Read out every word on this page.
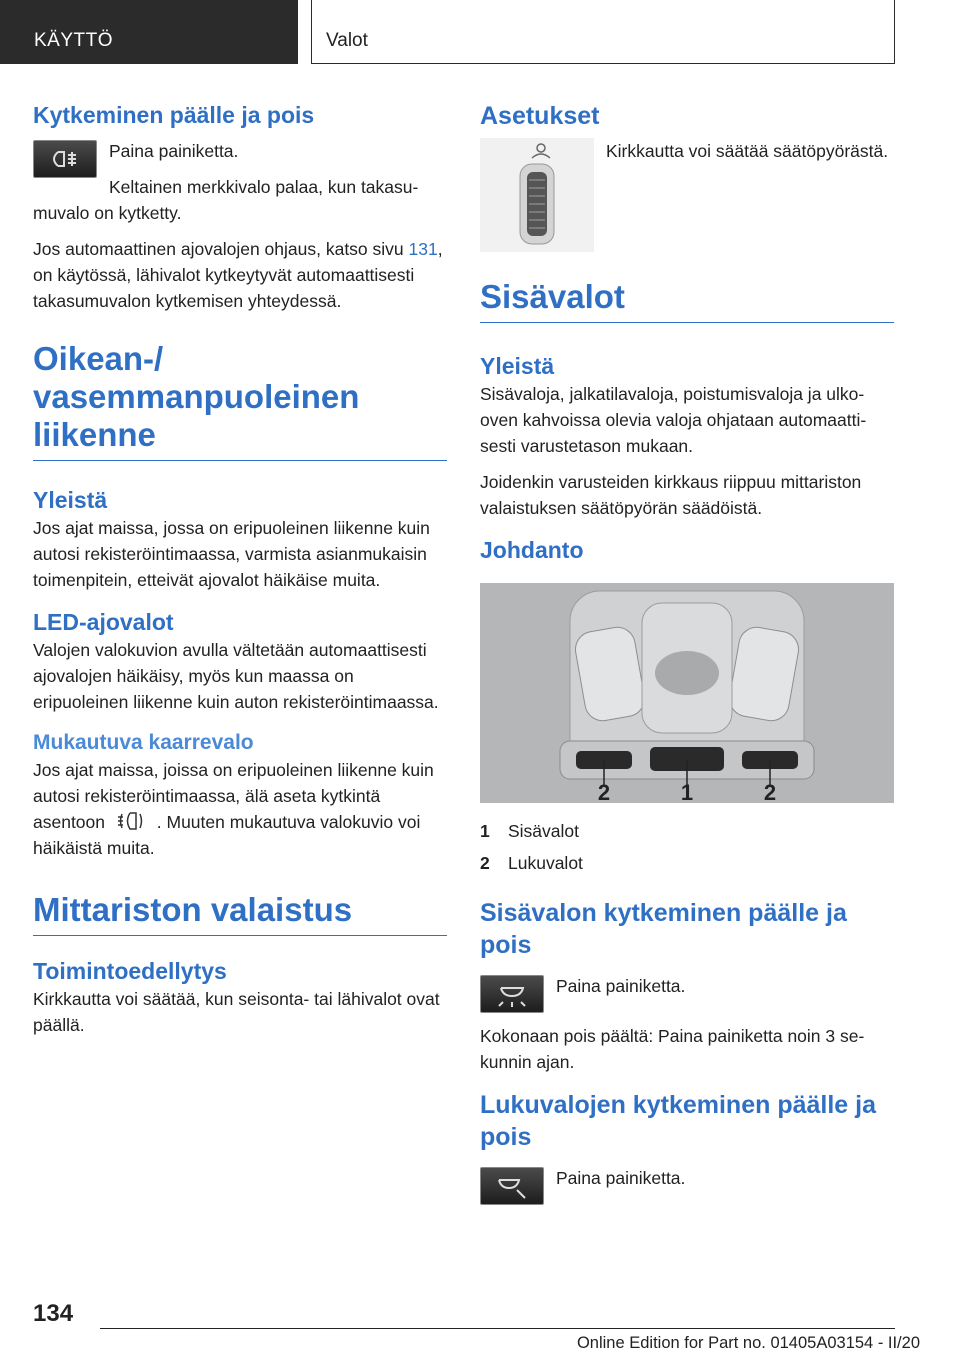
KÄYTTÖ	Valot
Kytkeminen päälle ja pois

Paina painiketta.

Keltainen merkkivalo palaa, kun takasumuvalo on kytketty.

Jos automaattinen ajovalojen ohjaus, katso sivu 131, on käytössä, lähivalot kytkeytyvät automaattisesti takasumuvalon kytkemisen yhteydessä.

Oikean-/ vasemmanpuoleinen liikenne
Yleistä

Jos ajat maissa, jossa on eripuoleinen liikenne kuin autosi rekisteröintimaassa, varmista asianmukaisin toimenpitein, etteivät ajovalot häikäise muita.

LED-ajovalot

Valojen valokuvion avulla vältetään automaattisesti ajovalojen häikäisy, myös kun maassa on eripuoleinen liikenne kuin auton rekisteröintimaassa.

Mukautuva kaarrevalo

Jos ajat maissa, joissa on eripuoleinen liikenne kuin autosi rekisteröintimaassa, älä aseta kytkintä asentoon	. Muuten mukautuva valokuvio voi häikäistä muita.

Mittariston valaistus
Toimintoedellytys

Kirkkautta voi säätää, kun seisonta- tai lähivalot ovat päällä.

Asetukset

Kirkkautta voi säätää säätöpyörästä.

Sisävalot
Yleistä

Sisävaloja, jalkatilavaloja, poistumisvaloja ja ulkooven kahvoissa olevia valoja ohjataan automaattisesti varustetason mukaan.

Joidenkin varusteiden kirkkaus riippuu mittariston valaistuksen säätöpyörän säädöistä.

Johdanto
2	1	2
1	Sisävalot
2	Lukuvalot
Sisävalon kytkeminen päälle ja pois

Paina painiketta.

Kokonaan pois päältä: Paina painiketta noin 3 sekunnin ajan.

Lukuvalojen kytkeminen päälle ja pois

Paina painiketta.

134
Online Edition for Part no. 01405A03154 - II/20
